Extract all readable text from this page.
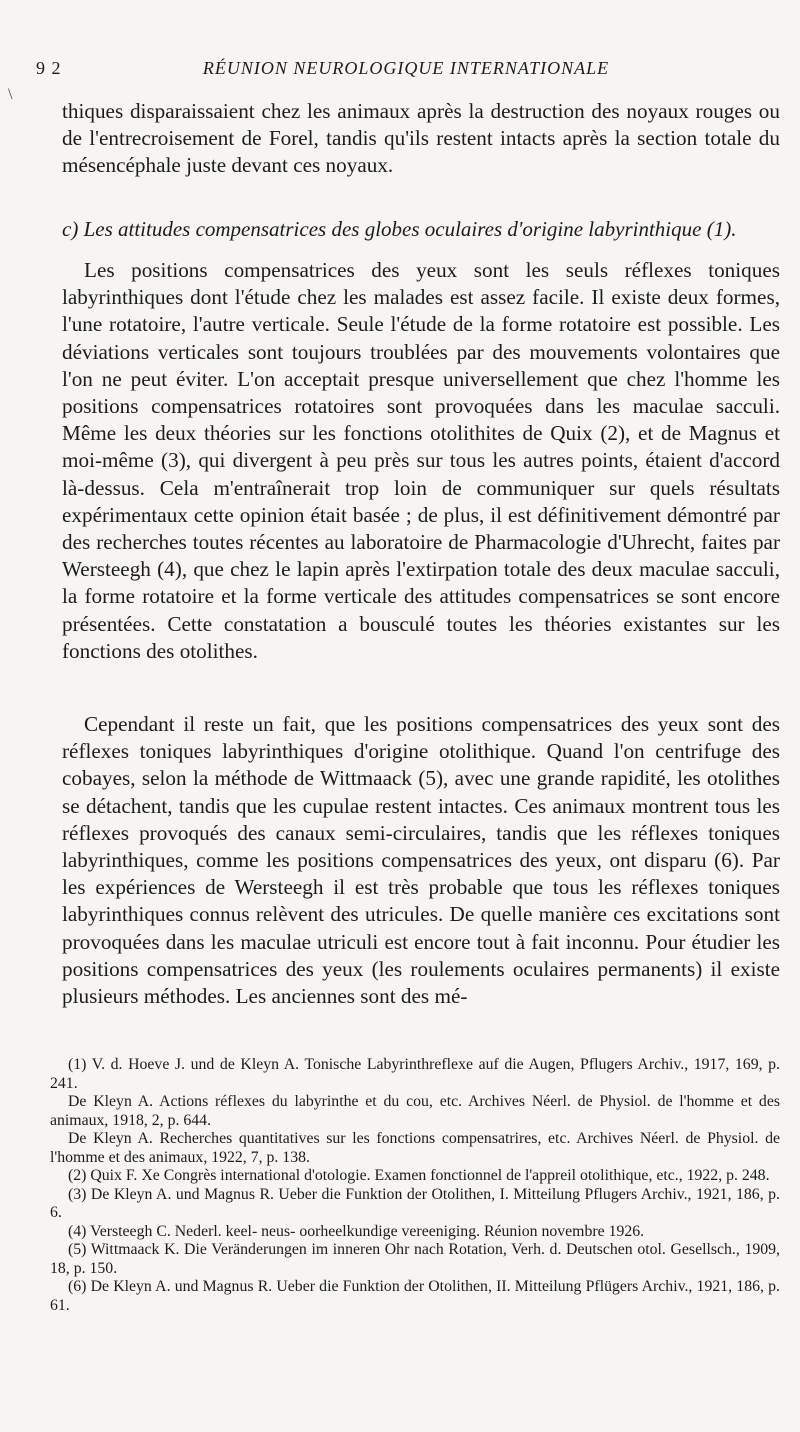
\
9 2	RÉUNION NEUROLOGIQUE INTERNATIONALE

thiques disparaissaient chez les animaux après la destruction des noyaux rouges ou de l'entrecroisement de Forel, tandis qu'ils restent intacts après la section totale du mésencéphale juste devant ces noyaux.

c) Les attitudes compensatrices des globes oculaires d'origine labyrinthique (1).

Les positions compensatrices des yeux sont les seuls réflexes toniques labyrinthiques dont l'étude chez les malades est assez facile. Il existe deux formes, l'une rotatoire, l'autre verticale. Seule l'étude de la forme rotatoire est possible. Les déviations verticales sont toujours troublées par des mouvements volontaires que l'on ne peut éviter. L'on acceptait presque universellement que chez l'homme les positions compensatrices rotatoires sont provoquées dans les maculae sacculi. Même les deux théories sur les fonctions otolithites de Quix (2), et de Magnus et moi-même (3), qui divergent à peu près sur tous les autres points, étaient d'accord là-dessus. Cela m'entraînerait trop loin de communiquer sur quels résultats expérimentaux cette opinion était basée ; de plus, il est définitivement démontré par des recherches toutes récentes au laboratoire de Pharmacologie d'Uhrecht, faites par Wersteegh (4), que chez le lapin après l'extirpation totale des deux maculae sacculi, la forme rotatoire et la forme verticale des attitudes compensatrices se sont encore présentées. Cette constatation a bousculé toutes les théories existantes sur les fonctions des otolithes.

Cependant il reste un fait, que les positions compensatrices des yeux sont des réflexes toniques labyrinthiques d'origine otolithique. Quand l'on centrifuge des cobayes, selon la méthode de Wittmaack (5), avec une grande rapidité, les otolithes se détachent, tandis que les cupulae restent intactes. Ces animaux montrent tous les réflexes provoqués des canaux semi-circulaires, tandis que les réflexes toniques labyrinthiques, comme les positions compensatrices des yeux, ont disparu (6). Par les expériences de Wersteegh il est très probable que tous les réflexes toniques labyrinthiques connus relèvent des utricules. De quelle manière ces excitations sont provoquées dans les maculae utriculi est encore tout à fait inconnu. Pour étudier les positions compensatrices des yeux (les roulements oculaires permanents) il existe plusieurs méthodes. Les anciennes sont des mé-

(1) V. d. Hoeve J. und de Kleyn A. Tonische Labyrinthreflexe auf die Augen, Pflugers Archiv., 1917, 169, p. 241.

De Kleyn A. Actions réflexes du labyrinthe et du cou, etc. Archives Néerl. de Physiol. de l'homme et des animaux, 1918, 2, p. 644.

De Kleyn A. Recherches quantitatives sur les fonctions compensatrires, etc. Archives Néerl. de Physiol. de l'homme et des animaux, 1922, 7, p. 138.

(2) Quix F. Xe Congrès international d'otologie. Examen fonctionnel de l'appreil otolithique, etc., 1922, p. 248.

(3) De Kleyn A. und Magnus R. Ueber die Funktion der Otolithen, I. Mitteilung Pflugers Archiv., 1921, 186, p. 6.

(4) Versteegh C. Nederl. keel- neus- oorheelkundige vereeniging. Réunion novembre 1926.

(5) Wittmaack K. Die Veränderungen im inneren Ohr nach Rotation, Verh. d. Deutschen otol. Gesellsch., 1909, 18, p. 150.

(6) De Kleyn A. und Magnus R. Ueber die Funktion der Otolithen, II. Mitteilung Pflügers Archiv., 1921, 186, p. 61.
